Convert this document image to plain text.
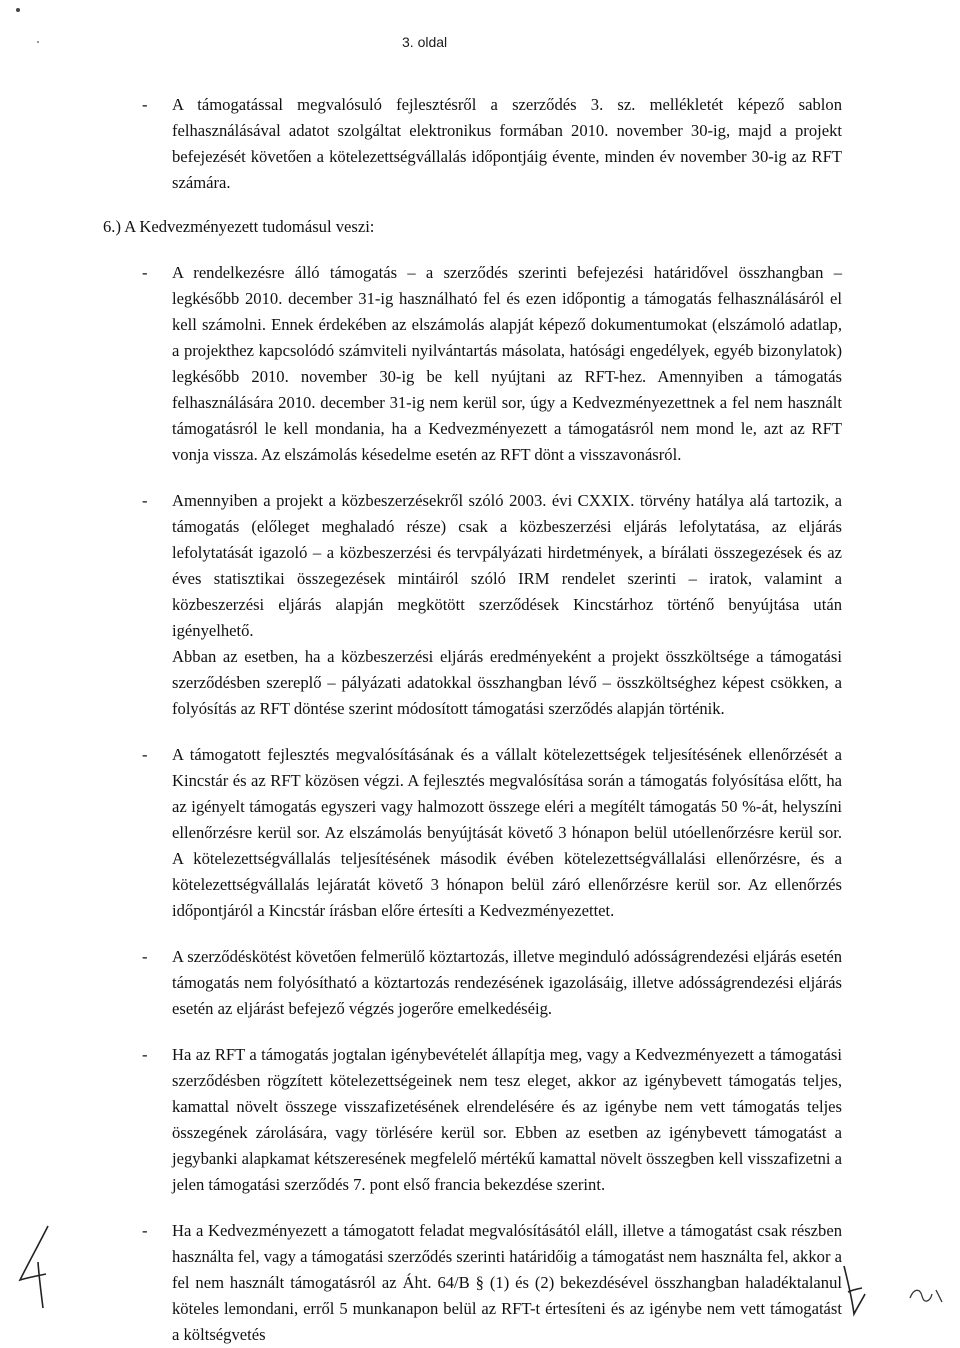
3. oldal

- A támogatással megvalósuló fejlesztésről a szerződés 3. sz. mellékletét képező sablon felhasználásával adatot szolgáltat elektronikus formában 2010. november 30-ig, majd a projekt befejezését követően a kötelezettségvállalás időpontjáig évente, minden év november 30-ig az RFT számára.

6.) A Kedvezményezett tudomásul veszi:

- A rendelkezésre álló támogatás – a szerződés szerinti befejezési határidővel összhangban – legkésőbb 2010. december 31-ig használható fel és ezen időpontig a támogatás felhasználásáról el kell számolni. Ennek érdekében az elszámolás alapját képező dokumentumokat (elszámoló adatlap, a projekthez kapcsolódó számviteli nyilvántartás másolata, hatósági engedélyek, egyéb bizonylatok) legkésőbb 2010. november 30-ig be kell nyújtani az RFT-hez. Amennyiben a támogatás felhasználására 2010. december 31-ig nem kerül sor, úgy a Kedvezményezettnek a fel nem használt támogatásról le kell mondania, ha a Kedvezményezett a támogatásról nem mond le, azt az RFT vonja vissza. Az elszámolás késedelme esetén az RFT dönt a visszavonásról.

- Amennyiben a projekt a közbeszerzésekről szóló 2003. évi CXXIX. törvény hatálya alá tartozik, a támogatás (előleget meghaladó része) csak a közbeszerzési eljárás lefolytatása, az eljárás lefolytatását igazoló – a közbeszerzési és tervpályázati hirdetmények, a bírálati összegezések és az éves statisztikai összegezések mintáiról szóló IRM rendelet szerinti – iratok, valamint a közbeszerzési eljárás alapján megkötött szerződések Kincstárhoz történő benyújtása után igényelhető.

Abban az esetben, ha a közbeszerzési eljárás eredményeként a projekt összköltsége a támogatási szerződésben szereplő – pályázati adatokkal összhangban lévő – összköltséghez képest csökken, a folyósítás az RFT döntése szerint módosított támogatási szerződés alapján történik.

- A támogatott fejlesztés megvalósításának és a vállalt kötelezettségek teljesítésének ellenőrzését a Kincstár és az RFT közösen végzi. A fejlesztés megvalósítása során a támogatás folyósítása előtt, ha az igényelt támogatás egyszeri vagy halmozott összege eléri a megítélt támogatás 50 %-át, helyszíni ellenőrzésre kerül sor. Az elszámolás benyújtását követő 3 hónapon belül utóellenőrzésre kerül sor. A kötelezettségvállalás teljesítésének második évében kötelezettségvállalási ellenőrzésre, és a kötelezettségvállalás lejáratát követő 3 hónapon belül záró ellenőrzésre kerül sor. Az ellenőrzés időpontjáról a Kincstár írásban előre értesíti a Kedvezményezettet.

- A szerződéskötést követően felmerülő köztartozás, illetve meginduló adósságrendezési eljárás esetén támogatás nem folyósítható a köztartozás rendezésének igazolásáig, illetve adósságrendezési eljárás esetén az eljárást befejező végzés jogerőre emelkedéséig.

- Ha az RFT a támogatás jogtalan igénybevételét állapítja meg, vagy a Kedvezményezett a támogatási szerződésben rögzített kötelezettségeinek nem tesz eleget, akkor az igénybevett támogatás teljes, kamattal növelt összege visszafizetésének elrendelésére és az igénybe nem vett támogatás teljes összegének zárolására, vagy törlésére kerül sor. Ebben az esetben az igénybevett támogatást a jegybanki alapkamat kétszeresének megfelelő mértékű kamattal növelt összegben kell visszafizetni a jelen támogatási szerződés 7. pont első francia bekezdése szerint.

- Ha a Kedvezményezett a támogatott feladat megvalósításától eláll, illetve a támogatást csak részben használta fel, vagy a támogatási szerződés szerinti határidőig a támogatást nem használta fel, akkor a fel nem használt támogatásról az Áht. 64/B § (1) és (2) bekezdésével összhangban haladéktalanul köteles lemondani, erről 5 munkanapon belül az RFT-t értesíteni és az igénybe nem vett támogatást a költségvetés
